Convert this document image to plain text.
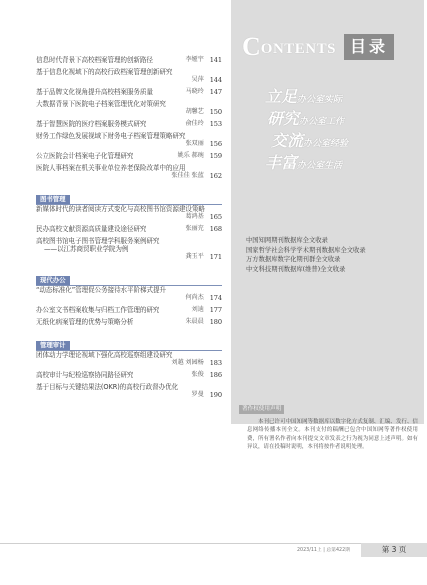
信息时代背景下高校档案管理的创新路径	李娅宇 141
基于信息化视域下的高校行政档案管理创新研究
吴萍 144
基于品牌文化视角提升高校档案服务质量	马晓玲 147
大数据背景下医院电子档案管理优化对策研究
胡馨艺 150
基于智慧医院的医疗档案服务模式研究	俞佳玲 153
财务工作绿色发展视域下财务电子档案管理策略研究
张双丽 156
公立医院会计档案电子化管理研究	姚乐 郝琬 159
医院人事档案在机关事业单位养老保险改革中的应用
张佳佳 张蓝 162
图书管理
新媒体时代的读者阅读方式变化与高校图书馆资源建设策略
葛鸿基 165
民办高校文献资源高质量建设途径研究	张丽充 168
高校图书馆电子图书管理学科服务案例研究
——以江苏商贸职业学院为例
龚玉平 171
现代办公
“动态标准化”管理促公务接待水平阶梯式提升
何尚杰 174
办公室文书档案收集与归档工作管理的研究	刘迪 177
无纸化病案管理的优势与策略分析	朱晨晨 180
管理审计
团体动力学理论视域下强化高校巡察组建设研究
刘越 刘园杨 183
高校审计与纪检巡察协同路径研究	张俊 186
基于目标与关键结果法(OKR)的高校行政督办优化
罗曼 190
C ONTENTS 目录
立足 办公室实际
研究 办公室工作
交流 办公室经验
丰富 办公室生活
中国知网期刊数据库全文收录
国家哲学社会科学学术期刊数据库全文收录
万方数据库数字化期刊群全文收录
中文科技期刊数据库(维普)全文收录
著作权使用声明
本刊已许可中国知网等数据库以数字化方式复制、汇编、发行、信息网络传播本刊全文。本刊支付的稿酬已包含中国知网等著作权使用费，所有署名作者向本刊提交文章发表之行为视为同意上述声明。如有异议，请在投稿时说明，本刊将按作者说明处理。
2023/11上 | 总第422期	第 3 页
